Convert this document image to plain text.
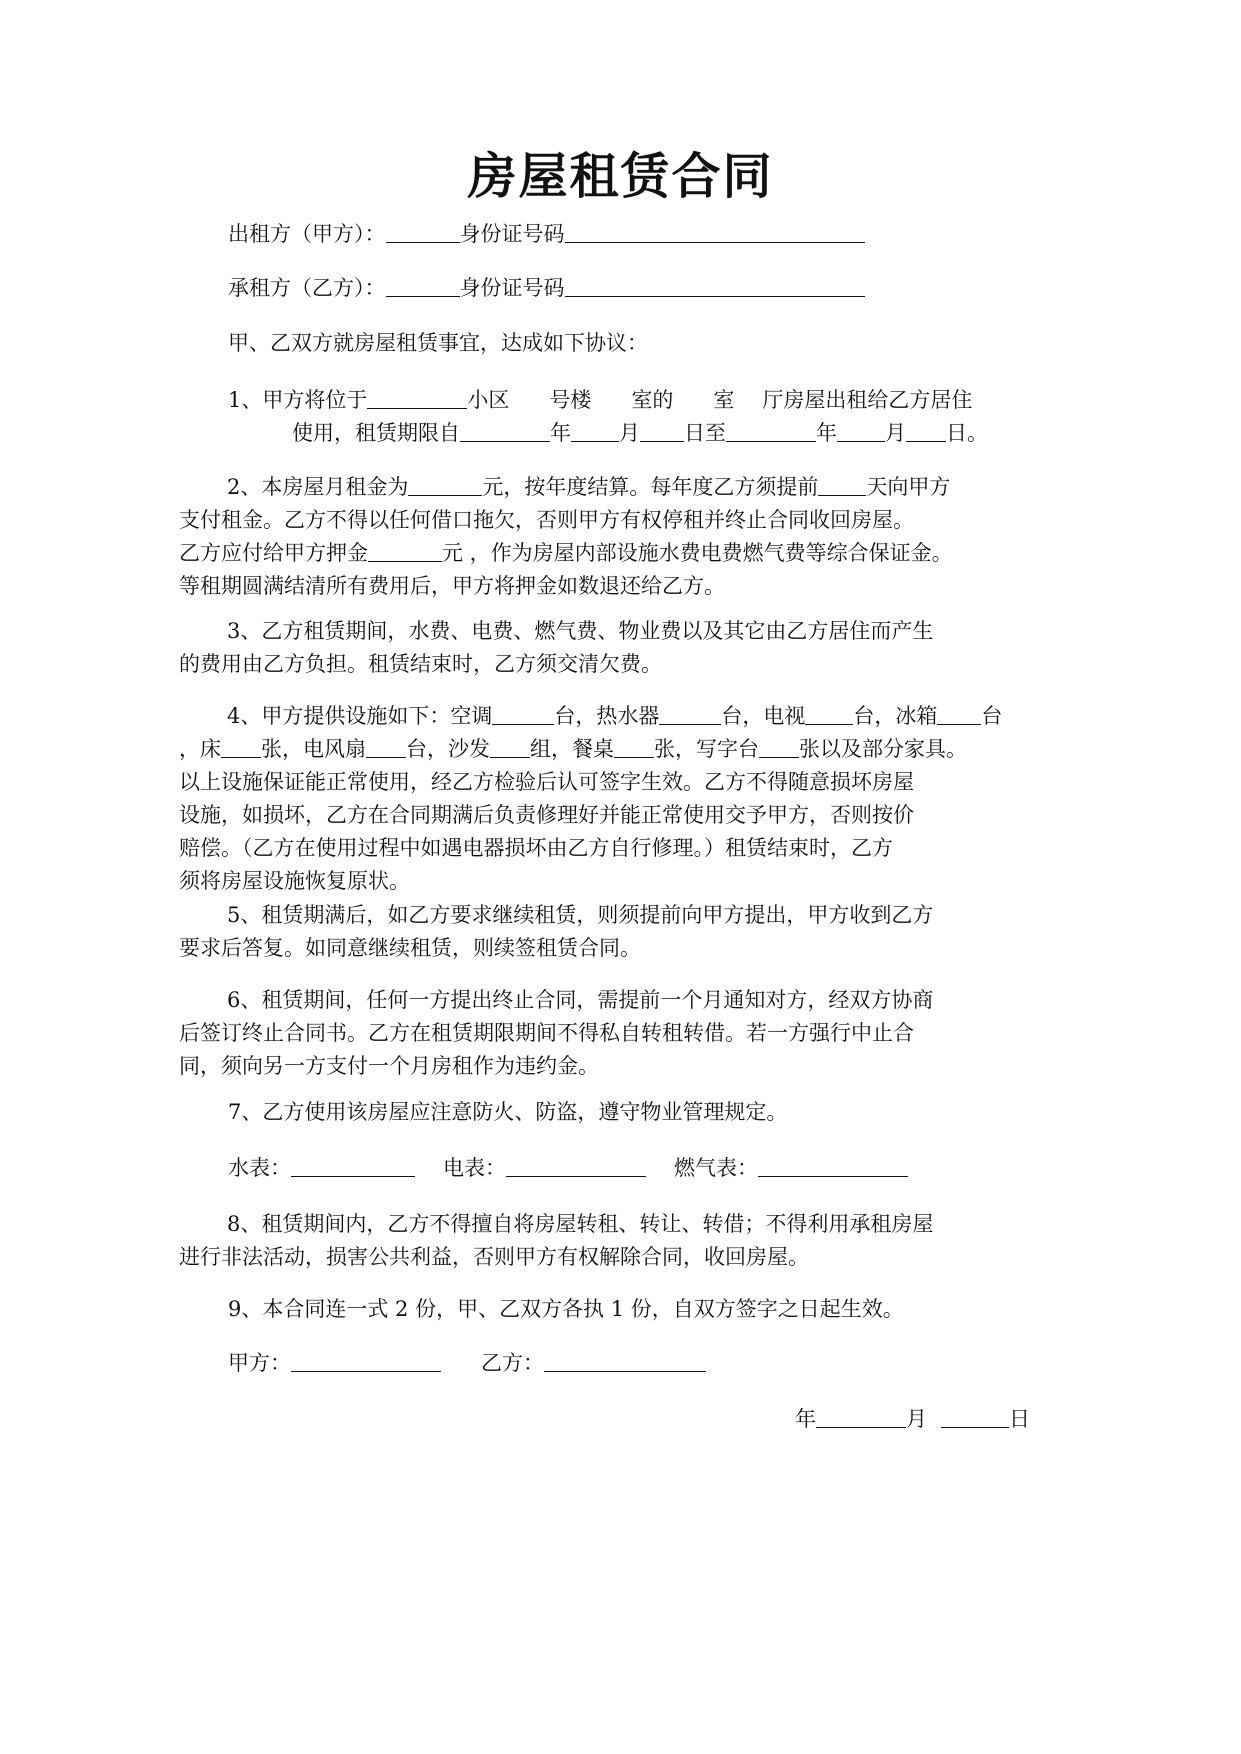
房屋租赁合同
出租方（甲方）：	身份证号码
承租方（乙方）：	身份证号码
甲、乙双方就房屋租赁事宜，达成如下协议：
1、甲方将位于	小区 号楼 室的 室 厅房屋出租给乙方居住
使用，租赁期限自	年 月 日至	年 月 日。
2、本房屋月租金为	元，按年度结算。每年度乙方须提前 天向甲方
支付租金。乙方不得以任何借口拖欠，否则甲方有权停租并终止合同收回房屋。
乙方应付给甲方押金	元 ，作为房屋内部设施水费电费燃气费等综合保证金。
等租期圆满结清所有费用后，甲方将押金如数退还给乙方。
3、乙方租赁期间，水费、电费、燃气费、物业费以及其它由乙方居住而产生
的费用由乙方负担。租赁结束时，乙方须交清欠费。
4、甲方提供设施如下：空调	台，热水器	台，电视 台，冰箱 台
，床 张，电风扇 台，沙发 组，餐桌 张，写字台 张以及部分家具。
以上设施保证能正常使用，经乙方检验后认可签字生效。乙方不得随意损坏房屋
设施，如损坏，乙方在合同期满后负责修理好并能正常使用交予甲方，否则按价
赔偿。（乙方在使用过程中如遇电器损坏由乙方自行修理。）租赁结束时，乙方
须将房屋设施恢复原状。
5、租赁期满后，如乙方要求继续租赁，则须提前向甲方提出，甲方收到乙方
要求后答复。如同意继续租赁，则续签租赁合同。
6、租赁期间，任何一方提出终止合同，需提前一个月通知对方，经双方协商
后签订终止合同书。乙方在租赁期限期间不得私自转租转借。若一方强行中止合
同，须向另一方支付一个月房租作为违约金。
7、乙方使用该房屋应注意防火、防盗，遵守物业管理规定。
水表：	电表：	燃气表：
8、租赁期间内，乙方不得擅自将房屋转租、转让、转借；不得利用承租房屋
进行非法活动，损害公共利益，否则甲方有权解除合同，收回房屋。
9、本合同连一式 2 份，甲、乙双方各执 1 份，自双方签字之日起生效。
甲方：	乙方：
年	月	日
